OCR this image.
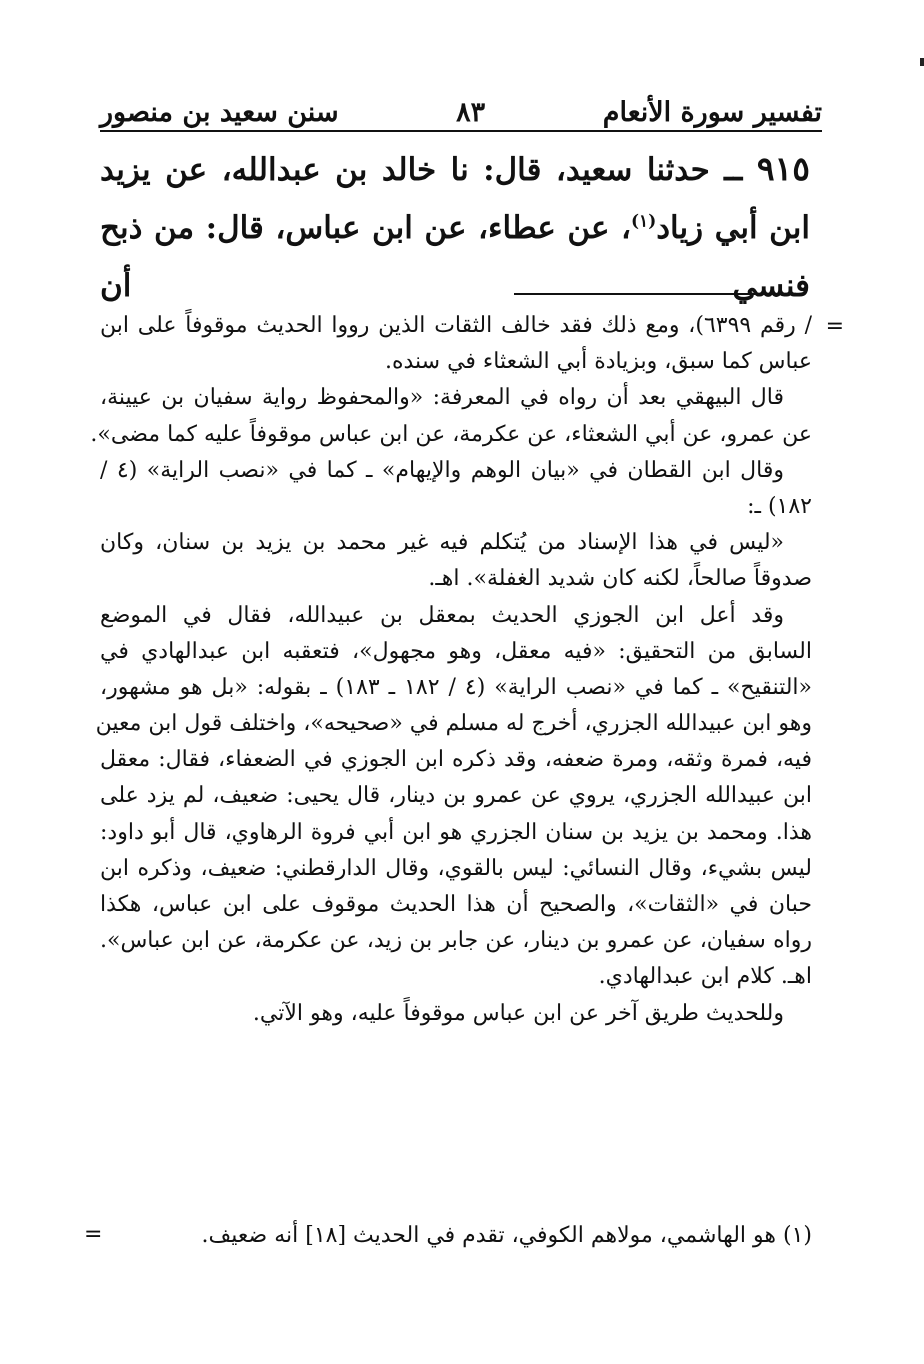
تفسير سورة الأنعام
٨٣
سنن سعيد بن منصور
٩١٥ ــ حدثنا سعيد، قال: نا خالد بن عبدالله، عن يزيد
ابن أبي زياد$^{(١)}$، عن عطاء، عن ابن عباس، قال: من ذبح فنسي أن
=
/ رقم ٦٣٩٩)، ومع ذلك فقد خالف الثقات الذين رووا الحديث موقوفاً على ابن
عباس كما سبق، وبزيادة أبي الشعثاء في سنده.
قال البيهقي بعد أن رواه في المعرفة: «والمحفوظ رواية سفيان بن عيينة،
عن عمرو، عن أبي الشعثاء، عن عكرمة، عن ابن عباس موقوفاً عليه كما مضى».
وقال ابن القطان في «بيان الوهم والإيهام» ـ كما في «نصب الراية» (٤ /
١٨٢) ـ:
«ليس في هذا الإسناد من يُتكلم فيه غير محمد بن يزيد بن سنان، وكان
صدوقاً صالحاً، لكنه كان شديد الغفلة». اهـ.
وقد أعل ابن الجوزي الحديث بمعقل بن عبيدالله، فقال في الموضع
السابق من التحقيق: «فيه معقل، وهو مجهول»، فتعقبه ابن عبدالهادي في
«التنقيح» ـ كما في «نصب الراية» (٤ / ١٨٢ ـ ١٨٣) ـ بقوله: «بل هو مشهور،
وهو ابن عبيدالله الجزري، أخرج له مسلم في «صحيحه»، واختلف قول ابن معين
فيه، فمرة وثقه، ومرة ضعفه، وقد ذكره ابن الجوزي في الضعفاء، فقال: معقل
ابن عبيدالله الجزري، يروي عن عمرو بن دينار، قال يحيى: ضعيف، لم يزد على
هذا. ومحمد بن يزيد بن سنان الجزري هو ابن أبي فروة الرهاوي، قال أبو داود:
ليس بشيء، وقال النسائي: ليس بالقوي، وقال الدارقطني: ضعيف، وذكره ابن
حبان في «الثقات»، والصحيح أن هذا الحديث موقوف على ابن عباس، هكذا
رواه سفيان، عن عمرو بن دينار، عن جابر بن زيد، عن عكرمة، عن ابن عباس».
اهـ. كلام ابن عبدالهادي.
وللحديث طريق آخر عن ابن عباس موقوفاً عليه، وهو الآتي.
(١) هو الهاشمي، مولاهم الكوفي، تقدم في الحديث [١٨] أنه ضعيف.
=
